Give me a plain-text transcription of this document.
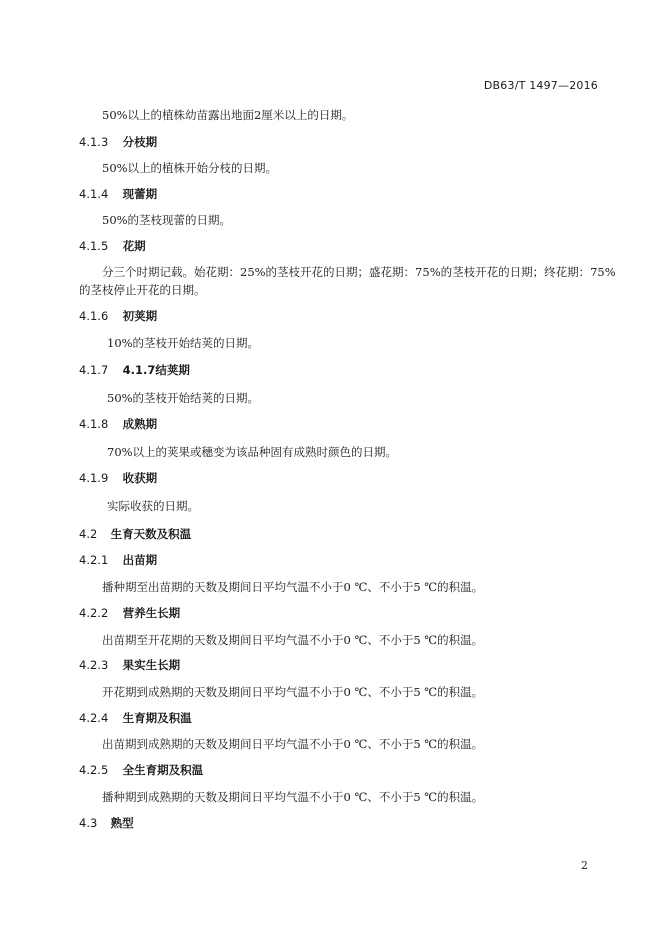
DB63/T 1497—2016
50%以上的植株幼苗露出地面2厘米以上的日期。
4.1.3 分枝期
50%以上的植株开始分枝的日期。
4.1.4 现蕾期
50%的茎枝现蕾的日期。
4.1.5 花期
分三个时期记载。始花期：25%的茎枝开花的日期；盛花期：75%的茎枝开花的日期；终花期：75%
的茎枝停止开花的日期。
4.1.6 初荚期
10%的茎枝开始结荚的日期。
4.1.7 4.1.7结荚期
50%的茎枝开始结荚的日期。
4.1.8 成熟期
70%以上的荚果或穗变为该品种固有成熟时颜色的日期。
4.1.9 收获期
实际收获的日期。
4.2 生育天数及积温
4.2.1 出苗期
播种期至出苗期的天数及期间日平均气温不小于0 ℃、不小于5 ℃的积温。
4.2.2 营养生长期
出苗期至开花期的天数及期间日平均气温不小于0 ℃、不小于5 ℃的积温。
4.2.3 果实生长期
开花期到成熟期的天数及期间日平均气温不小于0 ℃、不小于5 ℃的积温。
4.2.4 生育期及积温
出苗期到成熟期的天数及期间日平均气温不小于0 ℃、不小于5 ℃的积温。
4.2.5 全生育期及积温
播种期到成熟期的天数及期间日平均气温不小于0 ℃、不小于5 ℃的积温。
4.3 熟型
2
